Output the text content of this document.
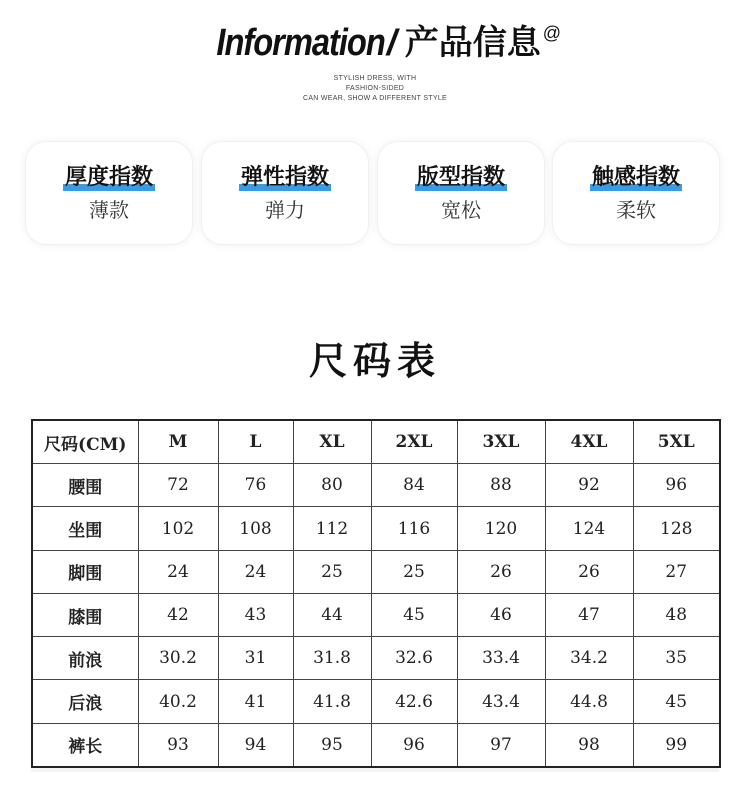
Information / 产品信息 @
STYLISH DRESS, WITH
FASHION-SIDED
CAN WEAR, SHOW A DIFFERENT STYLE
厚度指数
薄款
弹性指数
弹力
版型指数
宽松
触感指数
柔软
尺码表
尺码(CM)	M	L	XL	2XL	3XL	4XL	5XL
腰围	72	76	80	84	88	92	96
坐围	102	108	112	116	120	124	128
脚围	24	24	25	25	26	26	27
膝围	42	43	44	45	46	47	48
前浪	30.2	31	31.8	32.6	33.4	34.2	35
后浪	40.2	41	41.8	42.6	43.4	44.8	45
裤长	93	94	95	96	97	98	99
